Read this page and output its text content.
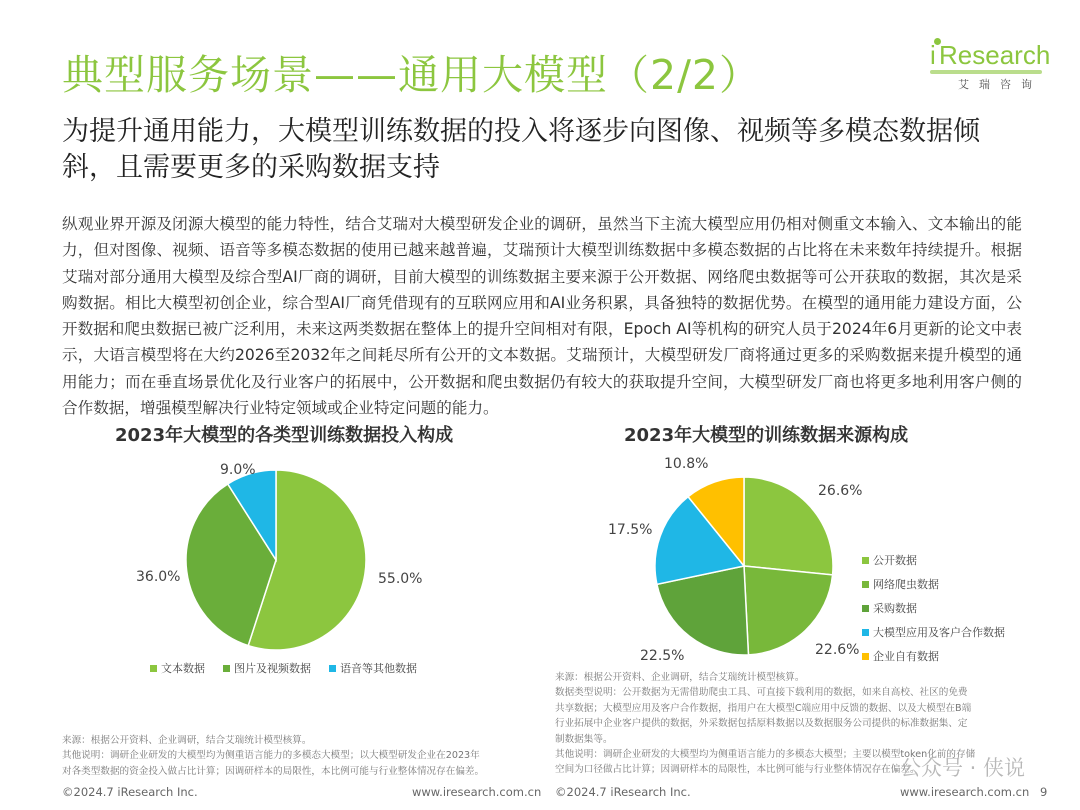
典型服务场景——通用大模型（2/2）	i Research
艾瑞咨询
为提升通用能力，大模型训练数据的投入将逐步向图像、视频等多模态数据倾斜，且需要更多的采购数据支持
纵观业界开源及闭源大模型的能力特性，结合艾瑞对大模型研发企业的调研，虽然当下主流大模型应用仍相对侧重文本输入、文本输出的能力，但对图像、视频、语音等多模态数据的使用已越来越普遍，艾瑞预计大模型训练数据中多模态数据的占比将在未来数年持续提升。根据艾瑞对部分通用大模型及综合型AI厂商的调研，目前大模型的训练数据主要来源于公开数据、网络爬虫数据等可公开获取的数据，其次是采购数据。相比大模型初创企业，综合型AI厂商凭借现有的互联网应用和AI业务积累，具备独特的数据优势。在模型的通用能力建设方面，公开数据和爬虫数据已被广泛利用，未来这两类数据在整体上的提升空间相对有限，Epoch AI等机构的研究人员于2024年6月更新的论文中表示，大语言模型将在大约2026至2032年之间耗尽所有公开的文本数据。艾瑞预计，大模型研发厂商将通过更多的采购数据来提升模型的通用能力；而在垂直场景优化及行业客户的拓展中，公开数据和爬虫数据仍有较大的获取提升空间，大模型研发厂商也将更多地利用客户侧的合作数据，增强模型解决行业特定领域或企业特定问题的能力。
2023年大模型的各类型训练数据投入构成
55.0%
36.0%
9.0%
文本数据	图片及视频数据	语音等其他数据
2023年大模型的训练数据来源构成
26.6%
22.6%
22.5%
17.5%
10.8%
公开数据
网络爬虫数据
采购数据
大模型应用及客户合作数据
企业自有数据
来源：根据公开资料、企业调研，结合艾瑞统计模型核算。
其他说明：调研企业研发的大模型均为侧重语言能力的多模态大模型；以大模型研发企业在2023年
对各类型数据的资金投入做占比计算；因调研样本的局限性，本比例可能与行业整体情况存在偏差。
来源：根据公开资料、企业调研，结合艾瑞统计模型核算。
数据类型说明：公开数据为无需借助爬虫工具、可直接下载利用的数据，如来自高校、社区的免费
共享数据；大模型应用及客户合作数据，指用户在大模型C端应用中反馈的数据、以及大模型在B端
行业拓展中企业客户提供的数据，外采数据包括原料数据以及数据服务公司提供的标准数据集、定
制数据集等。
其他说明：调研企业研发的大模型均为侧重语言能力的多模态大模型；主要以模型token化前的存储
空间为口径做占比计算；因调研样本的局限性，本比例可能与行业整体情况存在偏差。
公众号 · 侠说
©2024.7 iResearch Inc.	www.iresearch.com.cn ©2024.7 iResearch Inc.	www.iresearch.com.cn 9
